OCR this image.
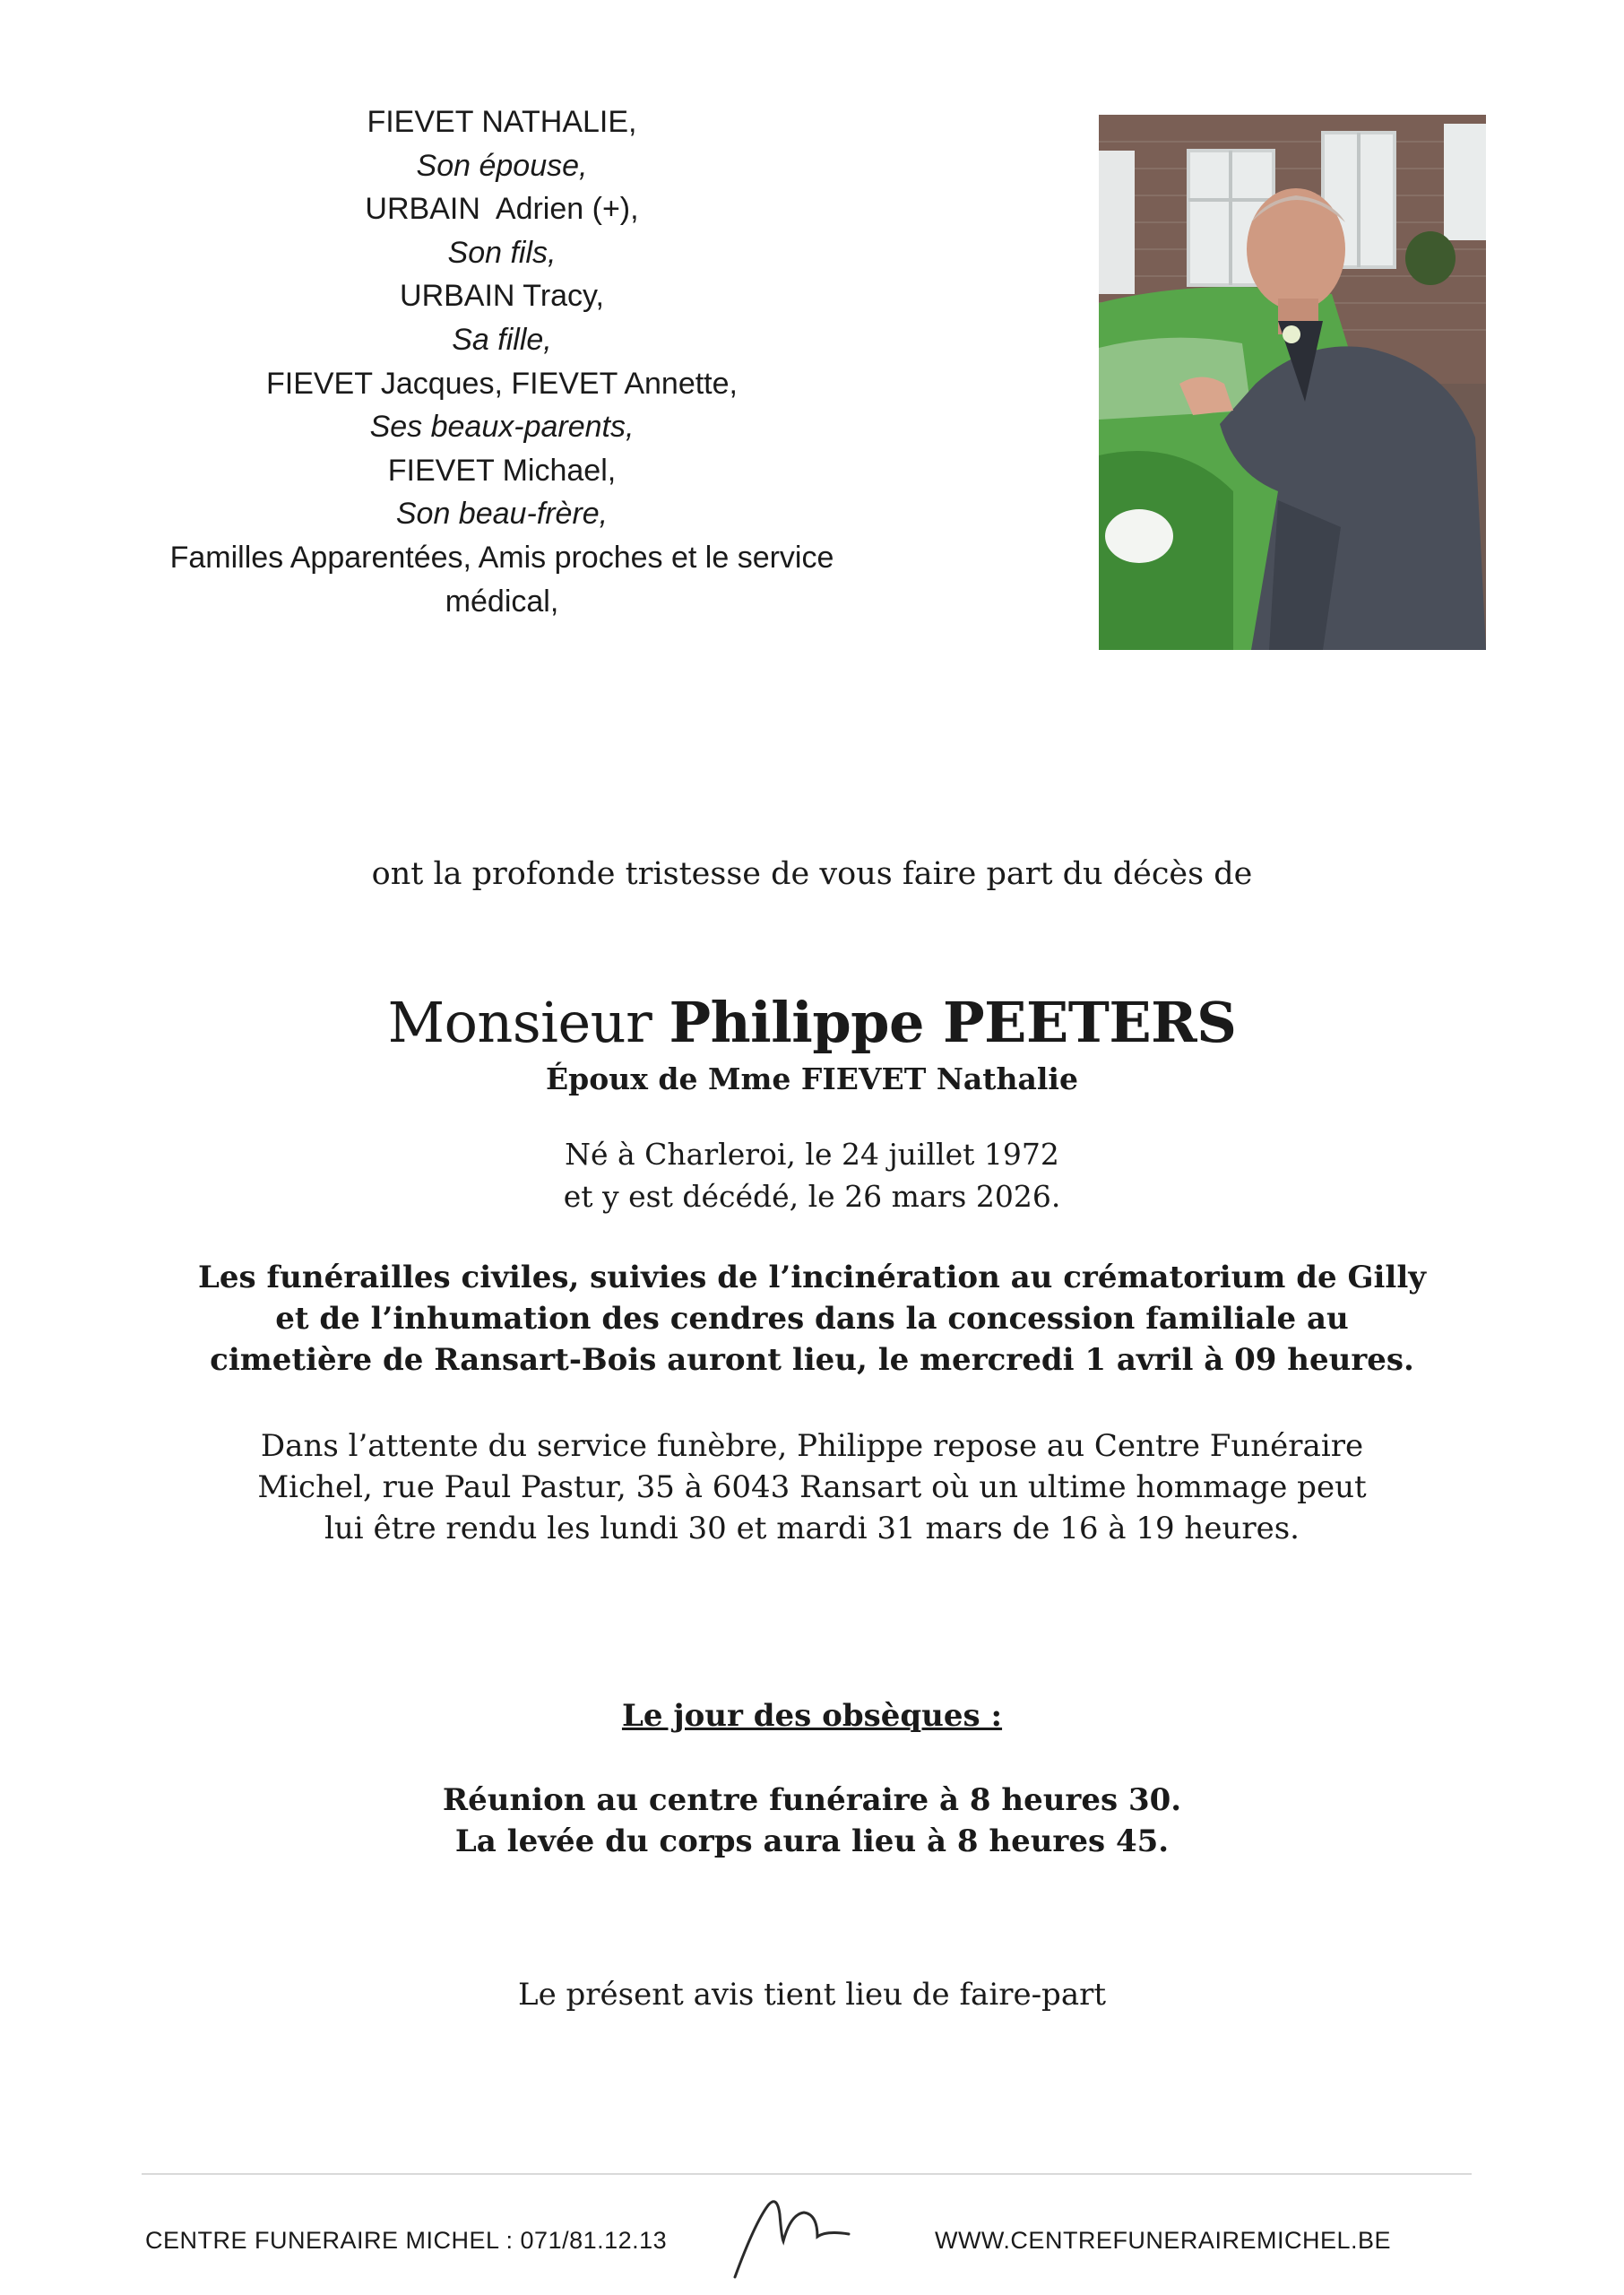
FIEVET NATHALIE,
Son épouse,
URBAIN  Adrien (+),
Son fils,
URBAIN Tracy,
Sa fille,
FIEVET Jacques, FIEVET Annette,
Ses beaux-parents,
FIEVET Michael,
Son beau-frère,
Familles Apparentées, Amis proches et le service
médical,
ont la profonde tristesse de vous faire part du décès de
Monsieur Philippe PEETERS
Époux de Mme FIEVET Nathalie
Né à Charleroi, le 24 juillet 1972
et y est décédé, le 26 mars 2026.
Les funérailles civiles, suivies de l’incinération au crématorium de Gilly
et de l’inhumation des cendres dans la concession familiale au
cimetière de Ransart-Bois auront lieu, le mercredi 1 avril à 09 heures.
Dans l’attente du service funèbre, Philippe repose au Centre Funéraire
Michel, rue Paul Pastur, 35 à 6043 Ransart où un ultime hommage peut
lui être rendu les lundi 30 et mardi 31 mars de 16 à 19 heures.
Le jour des obsèques :
Réunion au centre funéraire à 8 heures 30.
La levée du corps aura lieu à 8 heures 45.
Le présent avis tient lieu de faire-part
CENTRE FUNERAIRE MICHEL : 071/81.12.13	WWW.CENTREFUNERAIREMICHEL.BE
